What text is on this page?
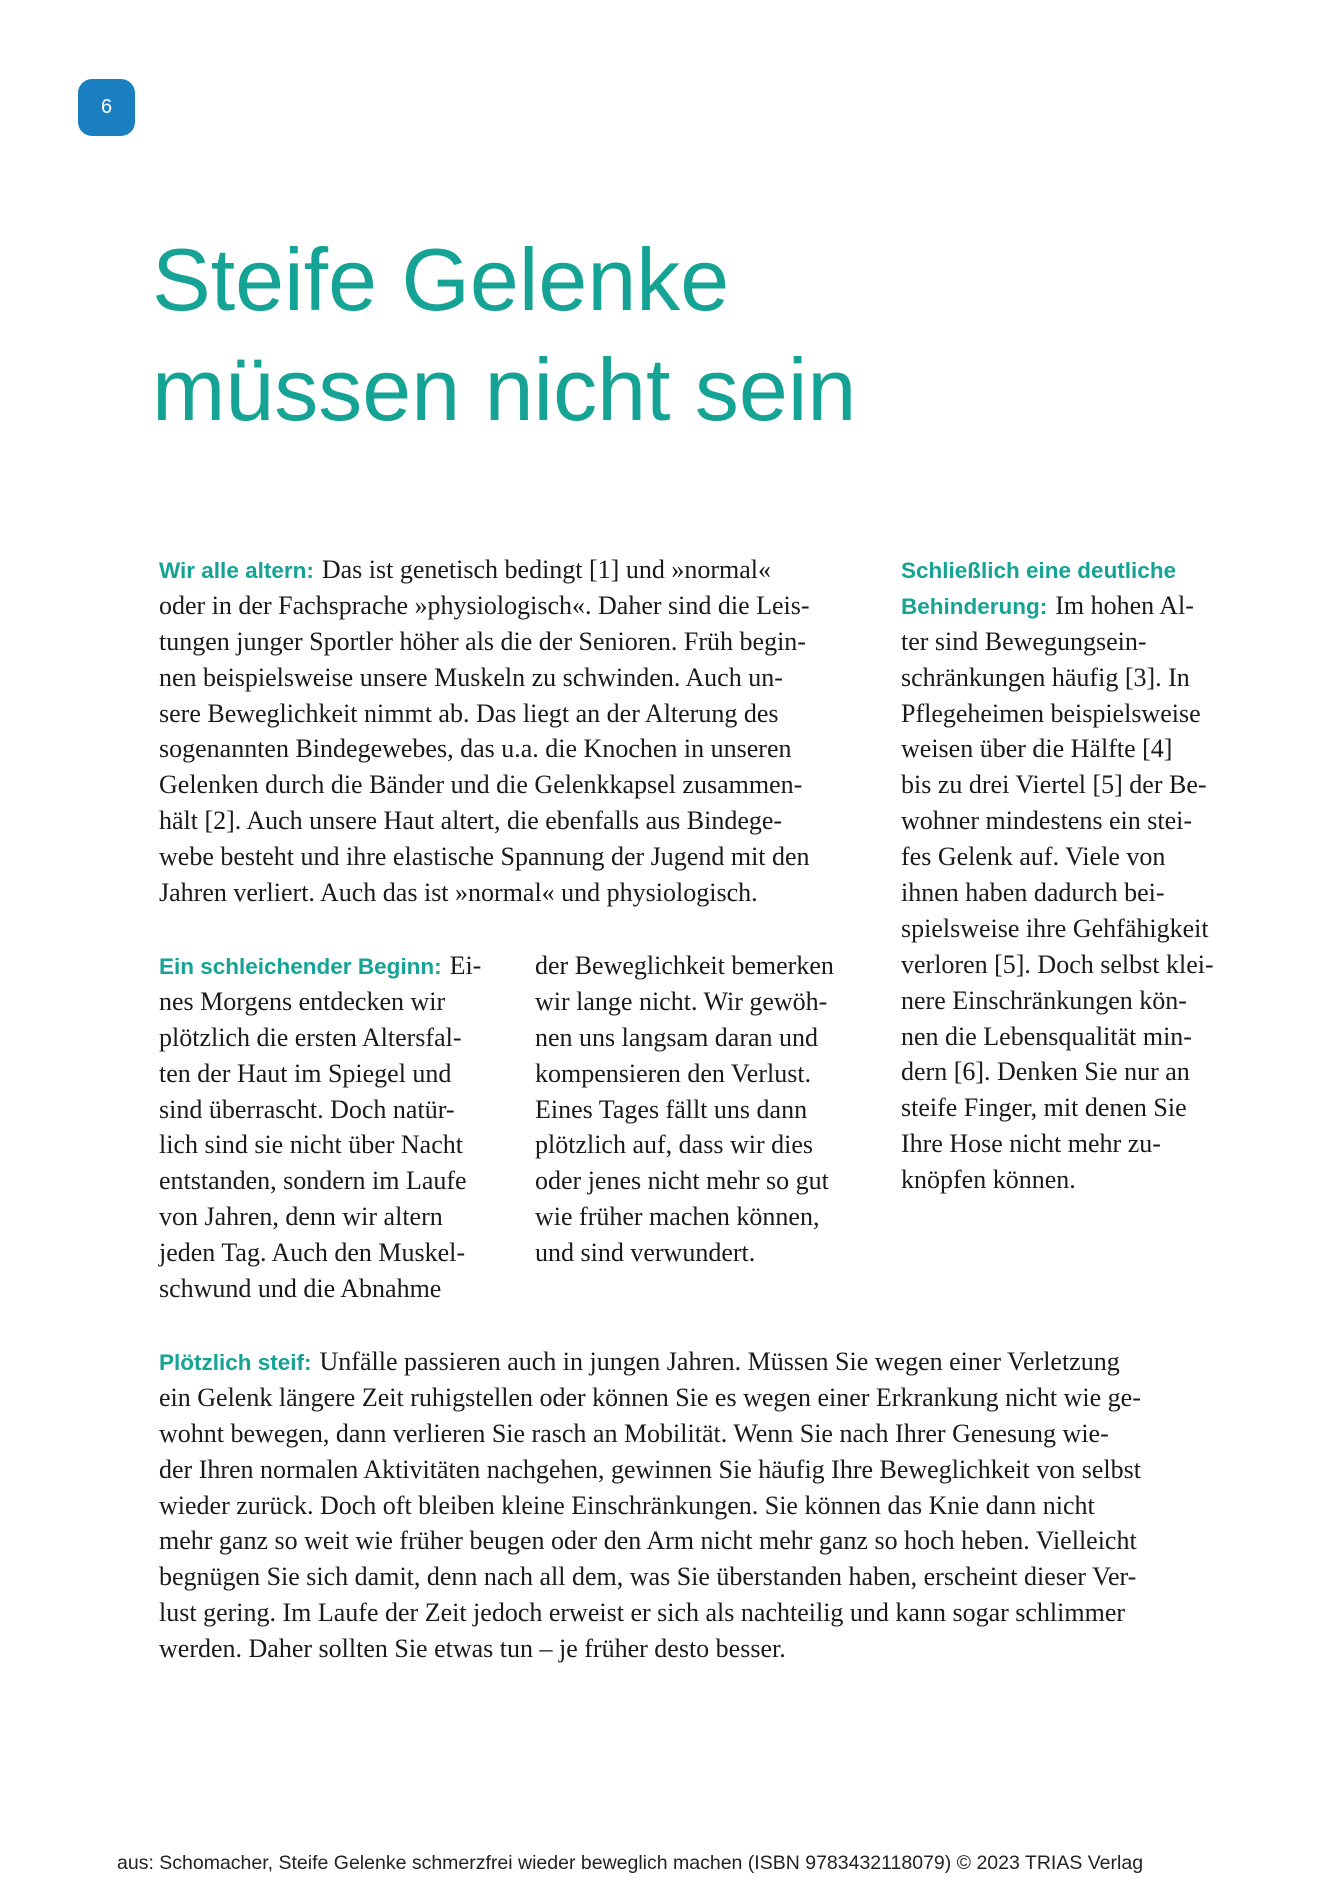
6
Steife Gelenke
müssen nicht sein
Wir alle altern: Das ist genetisch bedingt [1] und »normal«
oder in der Fachsprache »physiologisch«. Daher sind die Leis-
tungen junger Sportler höher als die der Senioren. Früh begin-
nen beispielsweise unsere Muskeln zu schwinden. Auch un-
sere Beweglichkeit nimmt ab. Das liegt an der Alterung des
sogenannten Bindegewebes, das u.a. die Knochen in unseren
Gelenken durch die Bänder und die Gelenkkapsel zusammen-
hält [2]. Auch unsere Haut altert, die ebenfalls aus Bindege-
webe besteht und ihre elastische Spannung der Jugend mit den
Jahren verliert. Auch das ist »normal« und physiologisch.
Ein schleichender Beginn: Ei-
nes Morgens entdecken wir
plötzlich die ersten Altersfal-
ten der Haut im Spiegel und
sind überrascht. Doch natür-
lich sind sie nicht über Nacht
entstanden, sondern im Laufe
von Jahren, denn wir altern
jeden Tag. Auch den Muskel-
schwund und die Abnahme
der Beweglichkeit bemerken
wir lange nicht. Wir gewöh-
nen uns langsam daran und
kompensieren den Verlust.
Eines Tages fällt uns dann
plötzlich auf, dass wir dies
oder jenes nicht mehr so gut
wie früher machen können,
und sind verwundert.
Schließlich eine deutliche
Behinderung: Im hohen Al-
ter sind Bewegungsein-
schränkungen häufig [3]. In
Pflegeheimen beispielsweise
weisen über die Hälfte [4]
bis zu drei Viertel [5] der Be-
wohner mindestens ein stei-
fes Gelenk auf. Viele von
ihnen haben dadurch bei-
spielsweise ihre Gehfähigkeit
verloren [5]. Doch selbst klei-
nere Einschränkungen kön-
nen die Lebensqualität min-
dern [6]. Denken Sie nur an
steife Finger, mit denen Sie
Ihre Hose nicht mehr zu-
knöpfen können.
Plötzlich steif: Unfälle passieren auch in jungen Jahren. Müssen Sie wegen einer Verletzung
ein Gelenk längere Zeit ruhigstellen oder können Sie es wegen einer Erkrankung nicht wie ge-
wohnt bewegen, dann verlieren Sie rasch an Mobilität. Wenn Sie nach Ihrer Genesung wie-
der Ihren normalen Aktivitäten nachgehen, gewinnen Sie häufig Ihre Beweglichkeit von selbst
wieder zurück. Doch oft bleiben kleine Einschränkungen. Sie können das Knie dann nicht
mehr ganz so weit wie früher beugen oder den Arm nicht mehr ganz so hoch heben. Vielleicht
begnügen Sie sich damit, denn nach all dem, was Sie überstanden haben, erscheint dieser Ver-
lust gering. Im Laufe der Zeit jedoch erweist er sich als nachteilig und kann sogar schlimmer
werden. Daher sollten Sie etwas tun – je früher desto besser.
aus: Schomacher, Steife Gelenke schmerzfrei wieder beweglich machen (ISBN 9783432118079) © 2023 TRIAS Verlag
